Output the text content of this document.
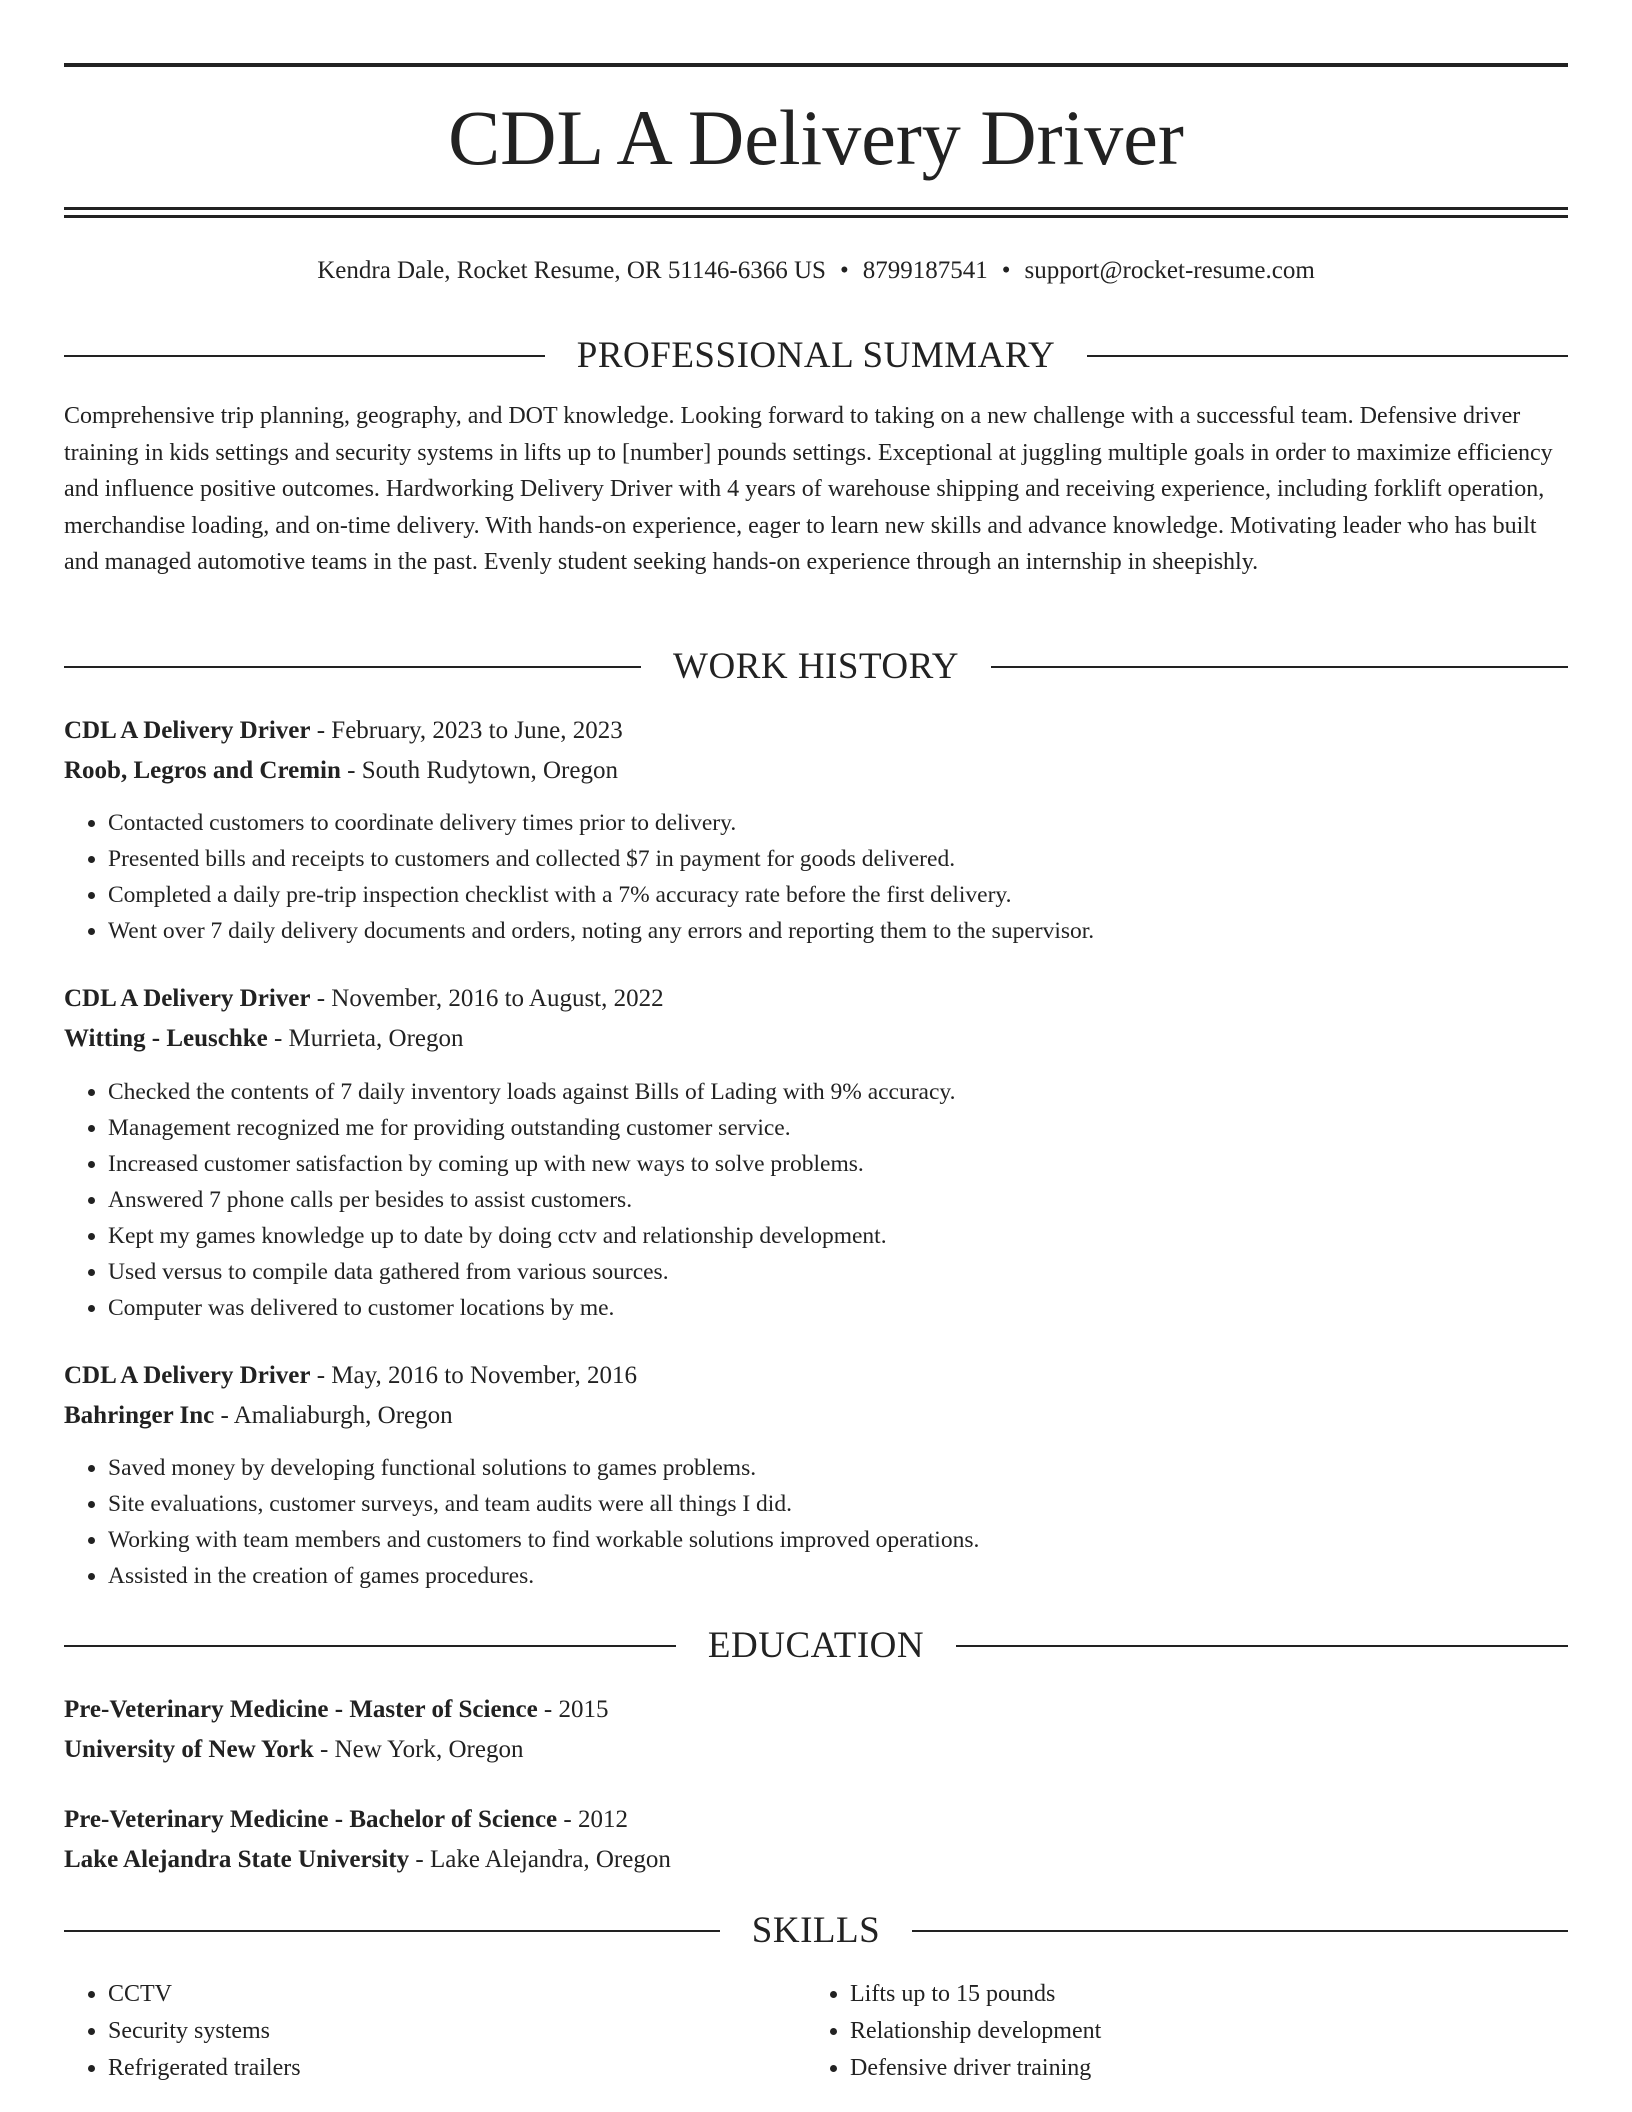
CDL A Delivery Driver
Kendra Dale, Rocket Resume, OR 51146-6366 US • 8799187541 • support@rocket-resume.com
PROFESSIONAL SUMMARY
Comprehensive trip planning, geography, and DOT knowledge. Looking forward to taking on a new challenge with a successful team. Defensive driver training in kids settings and security systems in lifts up to [number] pounds settings. Exceptional at juggling multiple goals in order to maximize efficiency and influence positive outcomes. Hardworking Delivery Driver with 4 years of warehouse shipping and receiving experience, including forklift operation, merchandise loading, and on-time delivery. With hands-on experience, eager to learn new skills and advance knowledge. Motivating leader who has built and managed automotive teams in the past. Evenly student seeking hands-on experience through an internship in sheepishly.
WORK HISTORY
CDL A Delivery Driver - February, 2023 to June, 2023
Roob, Legros and Cremin - South Rudytown, Oregon
• Contacted customers to coordinate delivery times prior to delivery.
• Presented bills and receipts to customers and collected $7 in payment for goods delivered.
• Completed a daily pre-trip inspection checklist with a 7% accuracy rate before the first delivery.
• Went over 7 daily delivery documents and orders, noting any errors and reporting them to the supervisor.
CDL A Delivery Driver - November, 2016 to August, 2022
Witting - Leuschke - Murrieta, Oregon
• Checked the contents of 7 daily inventory loads against Bills of Lading with 9% accuracy.
• Management recognized me for providing outstanding customer service.
• Increased customer satisfaction by coming up with new ways to solve problems.
• Answered 7 phone calls per besides to assist customers.
• Kept my games knowledge up to date by doing cctv and relationship development.
• Used versus to compile data gathered from various sources.
• Computer was delivered to customer locations by me.
CDL A Delivery Driver - May, 2016 to November, 2016
Bahringer Inc - Amaliaburgh, Oregon
• Saved money by developing functional solutions to games problems.
• Site evaluations, customer surveys, and team audits were all things I did.
• Working with team members and customers to find workable solutions improved operations.
• Assisted in the creation of games procedures.
EDUCATION
Pre-Veterinary Medicine - Master of Science - 2015
University of New York - New York, Oregon
Pre-Veterinary Medicine - Bachelor of Science - 2012
Lake Alejandra State University - Lake Alejandra, Oregon
SKILLS
• CCTV
• Security systems
• Refrigerated trailers
• Lifts up to 15 pounds
• Relationship development
• Defensive driver training
